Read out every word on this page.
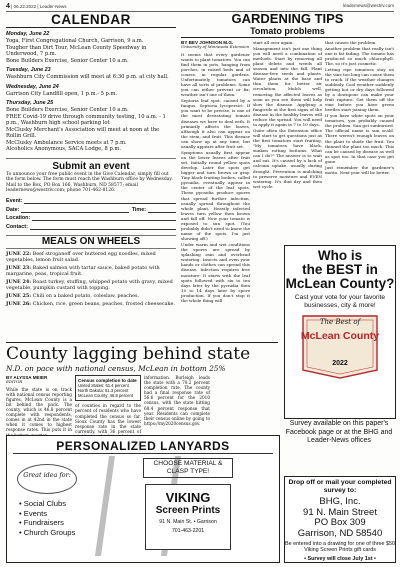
4 | 06.22.2022 | Leader-News	leadernews@westriv.com
CALENDAR
Monday, June 22

Yoga, First Congregational Church, Garrison, 9 a.m.

Tougher than Dirt Tour, McLean County Speedway in Underwood, 7 p.m.

Bone Builders Exercise, Senior Center 10 a.m.

Tuesday, June 23

Washburn City Commission will meet at 6:30 p.m. at city hall.

Wednesday, June 24

Garrison City Landfill open, 1 p.m.- 5 p.m.

Thursday, June 25

Bone Builders Exercise, Senior Center 10 a.m.

FREE Covid-19 drive through community testing, 10 a.m. - 1 p.m., Washburn high school parking lot

McClusky Merchant's Association will meet at noon at the Rollin Grill.

McClusky Ambulance Service meets at 7 p.m.

Alcoholics Anonymous, SACA Lodge, 8 p.m.

Submit an event
To announce your free public event in the Give Calendar, simply fill out the form below. The form must reach the Washburn office by Wednesday. Mail to the Box, PO Box 166, Washburn, ND 58577; email leadernews@westriv.com; phone 701-462-8126.
Event:
Date:	Time:
Location:
Contact:
MEALS ON WHEELS

JUNE 22: Beef stroganoff over buttered egg noodles, mixed vegetables, lemon fruit salad.

JUNE 23: Baked salmon with tartar sauce, baked potato with margarine, peas, tropical fruit.

JUNE 24: Roast turkey, stuffing, whipped potato with gravy, mixed vegetable, pumpkin custard with topping.

JUNE 25: Chili on a baked potato, coleslaw, peaches.

JUNE 26: Chicken, rice, green beans, peaches, frosted cheesecake.

GARDENING TIPS
Tomato problems
BY BEV JOHNSON M.G.
University of Minnesota Extension

It seems that every gardener wants to plant tomatoes. You can find them in pots, hanging from porches, in raised beds and of course, in regular gardens. Unfortunately tomatoes can have all sorts of problems. Some you can either prevent or fix; weather isn't one of them.

Septoria leaf spot, caused by a fungus. Septoria lycopersici. If you want to be precise, is one of the most devastating tomato diseases we have to deal with. It primarily affects the leaves, although it also can appear on the stem, and fruit. This disease can show up at any time, but usually appears after fruit set.

Symptoms usually first appear on the lower leaves after fruit set. Initially round yellow spots develop. Later the spots get bigger and turn brown or gray. Tiny black fruiting bodies, called pycnidia, eventually appear in the center of the leaf spots. These pycnidia produce spores that spread further infection, usually spread throughout the whole plant. Heavily infected leaves turn yellow then brown and fall off. Now your tomato is exposed to sun spot. (You probably didn't need to know the name of the spots. I'm just showing off.)

Under warm and wet conditions the spores are spread by splashing rain and overhead watering. Insects and even your hands or clothes can spread this disease. Infection requires free moisture. It starts with the leaf spots followed with six to ten days later by the pycnidia then 10 to 14 days later by spore production. If you don't stop it the whole thing will

start all over again.

Management isn't just one thing you will need a combination of methods. Start by removing all plant debris and weeds all season and into the fall. Plant disease-free seeds and plants. Water plants at the base and thin them for better air circulation. Mulch well, removing the affected leaves as soon as you see them will help slow the disease. Applying a fungicide at the first signs of the disease in the healthy leaves will reduce the spread. You will need to apply it again in 7 to 10 days.

Quite often the Extension office will start to get questions just as the first tomatoes start fruiting. "My tomatoes have black, sunken rotting bottoms. What can I do?" The answer is to wait and eat. It's caused by a lack of calcium uptake, usually during drought. Prevention is mulching to preserve moisture and EVEN watering. It's that dry and then wet cycle

that causes the problem.

Another problem that really isn't one is fat fading. The tomato has produced so much chlorophyll. The, so it's just cosmetic.

Letting ripe tomatoes stay on the vine too long can cause them to crack. If the weather changes suddenly. Cool weather suddenly getting hot or dry days followed by a downpour can make your fruit rupture. Get them off the vine before you have green beetles start joining them.

If you have white spots on your tomatoes, you probably caused the problem. Sun got sunburned. The official name is sun scald. There weren't enough leaves on the plant to shade the fruit. You thinned the plant too much. This can be caused by disease as well as spot too. In that case you get gone.

Just remember the gardener's motto. Next year will be better.

Who is
the BEST in
McLean County?
Cast your vote for your favorite businesses, city & more!
The Best of
McLean County
2022
Survey available on this paper's Facebook page or at the BHG and Leader-News offices
County lagging behind state
N.D. on pace with national census, McLean in bottom 25%
BY ALYSSA MEIER
EDITOR

While the state is on track with national census reporting figures, McLean County is a bit behind the pack. The county, which is 46.8 percent complete with respondents, comes in at 42nd in the state when it comes to highest response rates. This puts it in

Census completion to date
United States: 61.4 percent
North Dakota: 61.3 percent
McLean County: 46.8 percent

of counties in regard to the percent of residents who have completed the census so far. Sioux County has the lowest response rate in the state currently, with 36 percent of

information. Burleigh leads the state with a 70.2 percent completion rate. The county had a final response rate of 56.6 percent for the 2010 census, with the state hitting 68.4 percent response that year. Residents can complete their census online by going to https://my2020census.gov.

PERSONALIZED LANYARDS
Great idea for:
• Social Clubs
• Events
• Fundraisers
• Church Groups
CHOOSE MATERIAL & CLASP TYPE!
VIKING
Screen Prints
91 N. Main St. • Garrison
701-463-2201
Drop off or mail your completed survey to:
BHG, Inc.
91 N. Main Street
PO Box 309
Garrison, ND 58540
Be entered into a drawing for one of three $50 Viking Screen Prints gift cards
• Survey will close July 1st •
